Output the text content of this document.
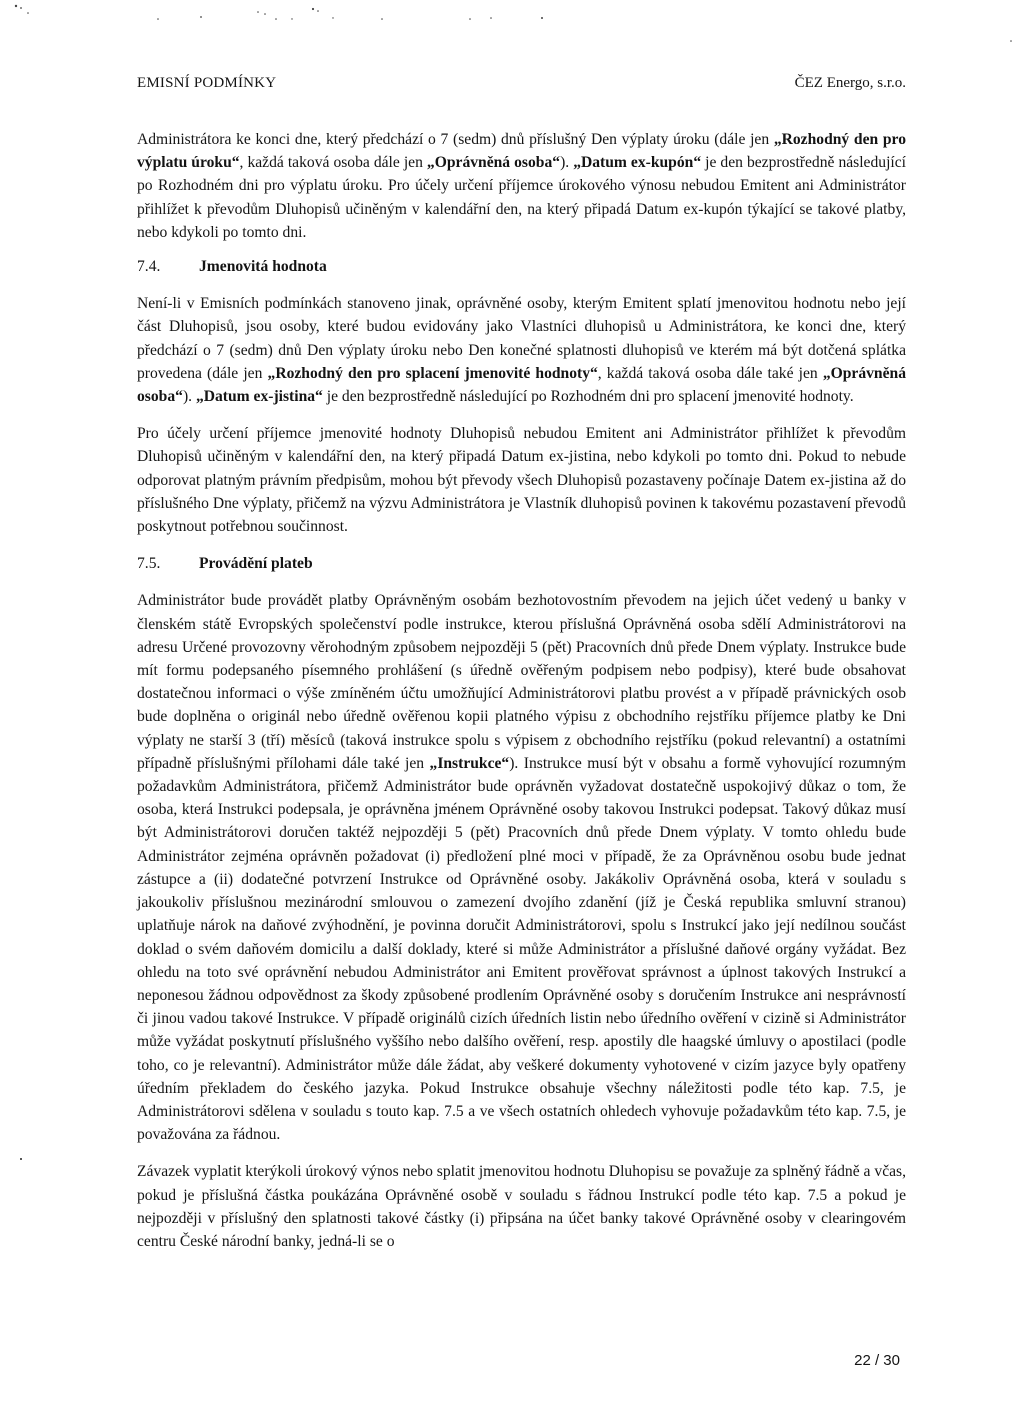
EMISNÍ PODMÍNKY	ČEZ Energo, s.r.o.

Administrátora ke konci dne, který předchází o 7 (sedm) dnů příslušný Den výplaty úroku (dále jen „Rozhodný den pro výplatu úroku“, každá taková osoba dále jen „Oprávněná osoba“). „Datum ex-kupón“ je den bezprostředně následující po Rozhodném dni pro výplatu úroku. Pro účely určení příjemce úrokového výnosu nebudou Emitent ani Administrátor přihlížet k převodům Dluhopisů učiněným v kalendářní den, na který připadá Datum ex-kupón týkající se takové platby, nebo kdykoli po tomto dni.

7.4. Jmenovitá hodnota

Není-li v Emisních podmínkách stanoveno jinak, oprávněné osoby, kterým Emitent splatí jmenovitou hodnotu nebo její část Dluhopisů, jsou osoby, které budou evidovány jako Vlastníci dluhopisů u Administrátora, ke konci dne, který předchází o 7 (sedm) dnů Den výplaty úroku nebo Den konečné splatnosti dluhopisů ve kterém má být dotčená splátka provedena (dále jen „Rozhodný den pro splacení jmenovité hodnoty“, každá taková osoba dále také jen „Oprávněná osoba“). „Datum ex-jistina“ je den bezprostředně následující po Rozhodném dni pro splacení jmenovité hodnoty.

Pro účely určení příjemce jmenovité hodnoty Dluhopisů nebudou Emitent ani Administrátor přihlížet k převodům Dluhopisů učiněným v kalendářní den, na který připadá Datum ex-jistina, nebo kdykoli po tomto dni. Pokud to nebude odporovat platným právním předpisům, mohou být převody všech Dluhopisů pozastaveny počínaje Datem ex-jistina až do příslušného Dne výplaty, přičemž na výzvu Administrátora je Vlastník dluhopisů povinen k takovému pozastavení převodů poskytnout potřebnou součinnost.

7.5. Provádění plateb

Administrátor bude provádět platby Oprávněným osobám bezhotovostním převodem na jejich účet vedený u banky v členském státě Evropských společenství podle instrukce, kterou příslušná Oprávněná osoba sdělí Administrátorovi na adresu Určené provozovny věrohodným způsobem nejpozději 5 (pět) Pracovních dnů přede Dnem výplaty. Instrukce bude mít formu podepsaného písemného prohlášení (s úředně ověřeným podpisem nebo podpisy), které bude obsahovat dostatečnou informaci o výše zmíněném účtu umožňující Administrátorovi platbu provést a v případě právnických osob bude doplněna o originál nebo úředně ověřenou kopii platného výpisu z obchodního rejstříku příjemce platby ke Dni výplaty ne starší 3 (tří) měsíců (taková instrukce spolu s výpisem z obchodního rejstříku (pokud relevantní) a ostatními případně příslušnými přílohami dále také jen „Instrukce“). Instrukce musí být v obsahu a formě vyhovující rozumným požadavkům Administrátora, přičemž Administrátor bude oprávněn vyžadovat dostatečně uspokojivý důkaz o tom, že osoba, která Instrukci podepsala, je oprávněna jménem Oprávněné osoby takovou Instrukci podepsat. Takový důkaz musí být Administrátorovi doručen taktéž nejpozději 5 (pět) Pracovních dnů přede Dnem výplaty. V tomto ohledu bude Administrátor zejména oprávněn požadovat (i) předložení plné moci v případě, že za Oprávněnou osobu bude jednat zástupce a (ii) dodatečné potvrzení Instrukce od Oprávněné osoby. Jakákoliv Oprávněná osoba, která v souladu s jakoukoliv příslušnou mezinárodní smlouvou o zamezení dvojího zdanění (jíž je Česká republika smluvní stranou) uplatňuje nárok na daňové zvýhodnění, je povinna doručit Administrátorovi, spolu s Instrukcí jako její nedílnou součást doklad o svém daňovém domicilu a další doklady, které si může Administrátor a příslušné daňové orgány vyžádat. Bez ohledu na toto své oprávnění nebudou Administrátor ani Emitent prověřovat správnost a úplnost takových Instrukcí a neponesou žádnou odpovědnost za škody způsobené prodlením Oprávněné osoby s doručením Instrukce ani nesprávností či jinou vadou takové Instrukce. V případě originálů cizích úředních listin nebo úředního ověření v cizině si Administrátor může vyžádat poskytnutí příslušného vyššího nebo dalšího ověření, resp. apostily dle haagské úmluvy o apostilaci (podle toho, co je relevantní). Administrátor může dále žádat, aby veškeré dokumenty vyhotovené v cizím jazyce byly opatřeny úředním překladem do českého jazyka. Pokud Instrukce obsahuje všechny náležitosti podle této kap. 7.5, je Administrátorovi sdělena v souladu s touto kap. 7.5 a ve všech ostatních ohledech vyhovuje požadavkům této kap. 7.5, je považována za řádnou.

Závazek vyplatit kterýkoli úrokový výnos nebo splatit jmenovitou hodnotu Dluhopisu se považuje za splněný řádně a včas, pokud je příslušná částka poukázána Oprávněné osobě v souladu s řádnou Instrukcí podle této kap. 7.5 a pokud je nejpozději v příslušný den splatnosti takové částky (i) připsána na účet banky takové Oprávněné osoby v clearingovém centru České národní banky, jedná-li se o

22 / 30
